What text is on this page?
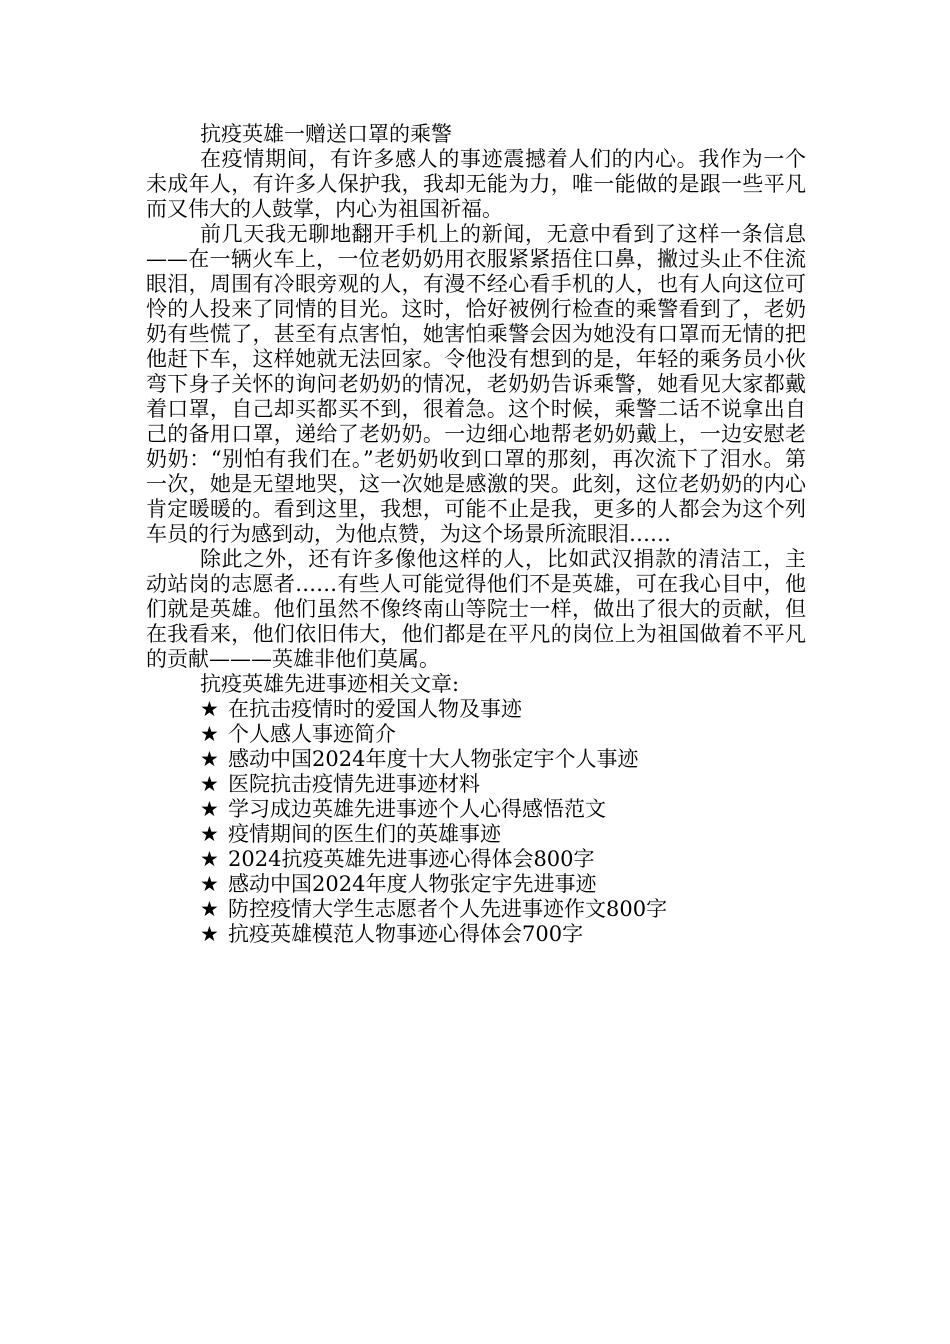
抗疫英雄一赠送口罩的乘警

在疫情期间，有许多感人的事迹震撼着人们的内心。我作为一个未成年人，有许多人保护我，我却无能为力，唯一能做的是跟一些平凡而又伟大的人鼓掌，内心为祖国祈福。

前几天我无聊地翻开手机上的新闻，无意中看到了这样一条信息——在一辆火车上，一位老奶奶用衣服紧紧捂住口鼻，撇过头止不住流眼泪，周围有冷眼旁观的人，有漫不经心看手机的人，也有人向这位可怜的人投来了同情的目光。这时，恰好被例行检查的乘警看到了，老奶奶有些慌了，甚至有点害怕，她害怕乘警会因为她没有口罩而无情的把他赶下车，这样她就无法回家。令他没有想到的是，年轻的乘务员小伙弯下身子关怀的询问老奶奶的情况，老奶奶告诉乘警，她看见大家都戴着口罩，自己却买都买不到，很着急。这个时候，乘警二话不说拿出自己的备用口罩，递给了老奶奶。一边细心地帮老奶奶戴上，一边安慰老奶奶：“别怕有我们在。”老奶奶收到口罩的那刻，再次流下了泪水。第一次，她是无望地哭，这一次她是感激的哭。此刻，这位老奶奶的内心肯定暖暖的。看到这里，我想，可能不止是我，更多的人都会为这个列车员的行为感到动，为他点赞，为这个场景所流眼泪……

除此之外，还有许多像他这样的人，比如武汉捐款的清洁工，主动站岗的志愿者……有些人可能觉得他们不是英雄，可在我心目中，他们就是英雄。他们虽然不像终南山等院士一样，做出了很大的贡献，但在我看来，他们依旧伟大，他们都是在平凡的岗位上为祖国做着不平凡的贡献———英雄非他们莫属。

抗疫英雄先进事迹相关文章:
★ 在抗击疫情时的爱国人物及事迹
★ 个人感人事迹简介
★ 感动中国2024年度十大人物张定宇个人事迹
★ 医院抗击疫情先进事迹材料
★ 学习成边英雄先进事迹个人心得感悟范文
★ 疫情期间的医生们的英雄事迹
★ 2024抗疫英雄先进事迹心得体会800字
★ 感动中国2024年度人物张定宇先进事迹
★ 防控疫情大学生志愿者个人先进事迹作文800字
★ 抗疫英雄模范人物事迹心得体会700字
